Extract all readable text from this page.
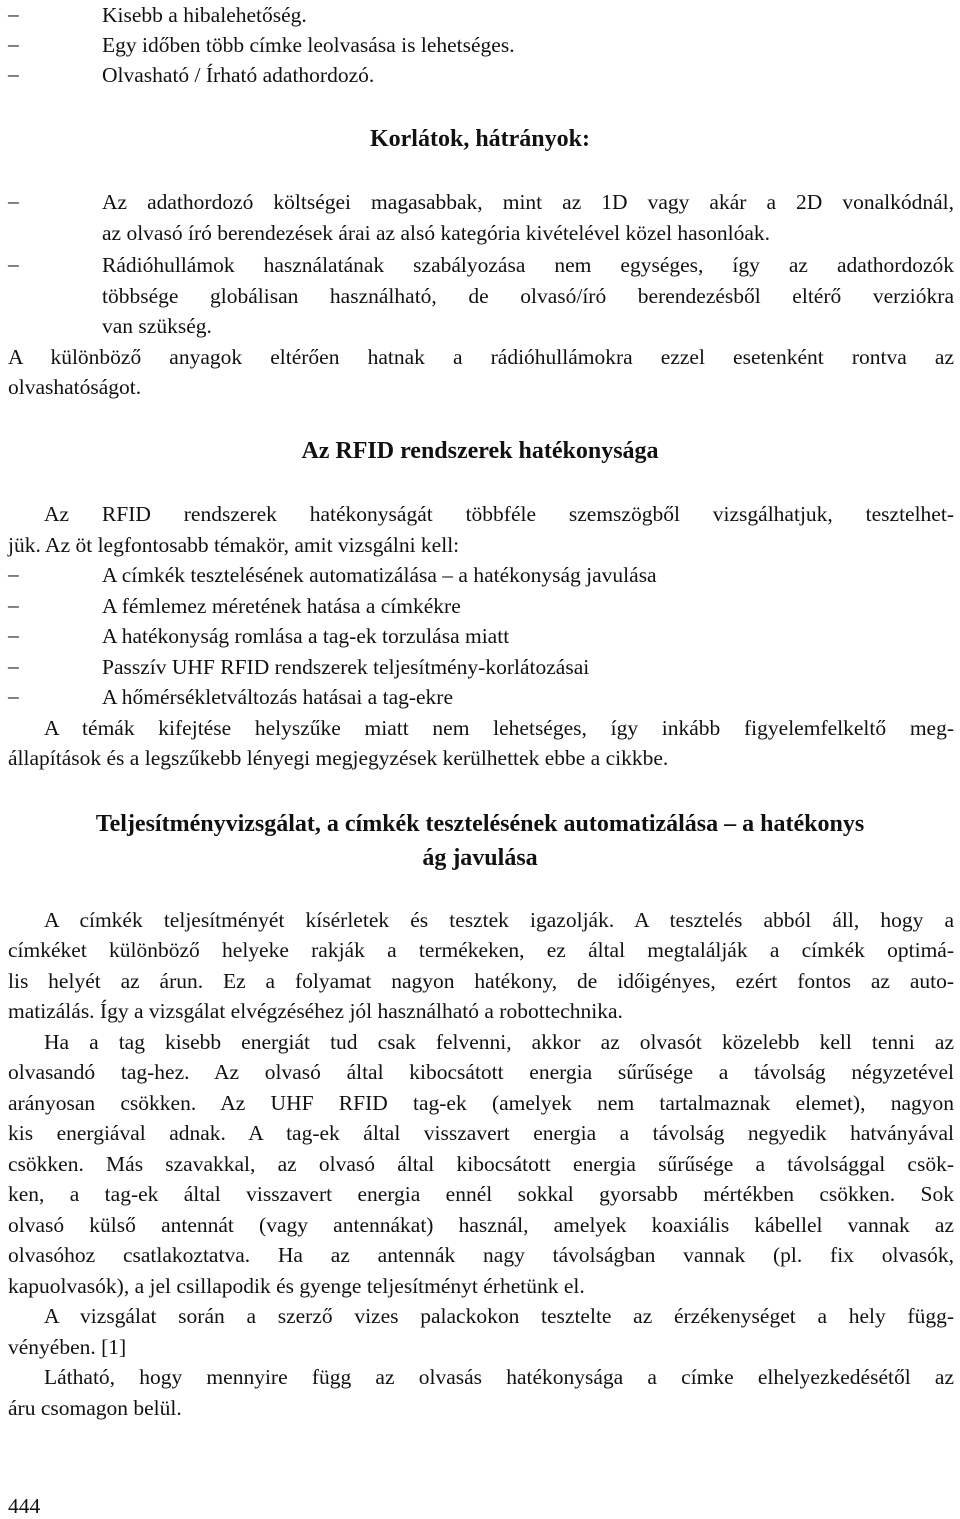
–	Kisebb a hibalehetőség.
–	Egy időben több címke leolvasása is lehetséges.
–	Olvasható / Írható adathordozó.
Korlátok, hátrányok:
–	Az adathordozó költségei magasabbak, mint az 1D vagy akár a 2D vonalkódnál,
az olvasó író berendezések árai az alsó kategória kivételével közel hasonlóak.
–	Rádióhullámok használatának szabályozása nem egységes, így az adathordozók
többsége globálisan használható, de olvasó/író berendezésből eltérő verziókra
van szükség.
A különböző anyagok eltérően hatnak a rádióhullámokra ezzel esetenként rontva az
olvashatóságot.
Az RFID rendszerek hatékonysága
Az RFID rendszerek hatékonyságát többféle szemszögből vizsgálhatjuk, tesztelhet-
jük. Az öt legfontosabb témakör, amit vizsgálni kell:
–	A címkék tesztelésének automatizálása – a hatékonyság javulása
–	A fémlemez méretének hatása a címkékre
–	A hatékonyság romlása a tag-ek torzulása miatt
–	Passzív UHF RFID rendszerek teljesítmény-korlátozásai
–	A hőmérsékletváltozás hatásai a tag-ekre
A témák kifejtése helyszűke miatt nem lehetséges, így inkább figyelemfelkeltő meg-
állapítások és a legszűkebb lényegi megjegyzések kerülhettek ebbe a cikkbe.
Teljesítményvizsgálat, a címkék tesztelésének automatizálása – a hatékonys
ág javulása
A címkék teljesítményét kísérletek és tesztek igazolják. A tesztelés abból áll, hogy a
címkéket különböző helyeke rakják a termékeken, ez által megtalálják a címkék optimá-
lis helyét az árun. Ez a folyamat nagyon hatékony, de időigényes, ezért fontos az auto-
matizálás. Így a vizsgálat elvégzéséhez jól használható a robottechnika.
Ha a tag kisebb energiát tud csak felvenni, akkor az olvasót közelebb kell tenni az
olvasandó tag-hez. Az olvasó által kibocsátott energia sűrűsége a távolság négyzetével
arányosan csökken. Az UHF RFID tag-ek (amelyek nem tartalmaznak elemet), nagyon
kis energiával adnak. A tag-ek által visszavert energia a távolság negyedik hatványával
csökken. Más szavakkal, az olvasó által kibocsátott energia sűrűsége a távolsággal csök-
ken, a tag-ek által visszavert energia ennél sokkal gyorsabb mértékben csökken. Sok
olvasó külső antennát (vagy antennákat) használ, amelyek koaxiális kábellel vannak az
olvasóhoz csatlakoztatva. Ha az antennák nagy távolságban vannak (pl. fix olvasók,
kapuolvasók), a jel csillapodik és gyenge teljesítményt érhetünk el.
A vizsgálat során a szerző vizes palackokon tesztelte az érzékenységet a hely függ-
vényében. [1]
Látható, hogy mennyire függ az olvasás hatékonysága a címke elhelyezkedésétől az
áru csomagon belül.
444
